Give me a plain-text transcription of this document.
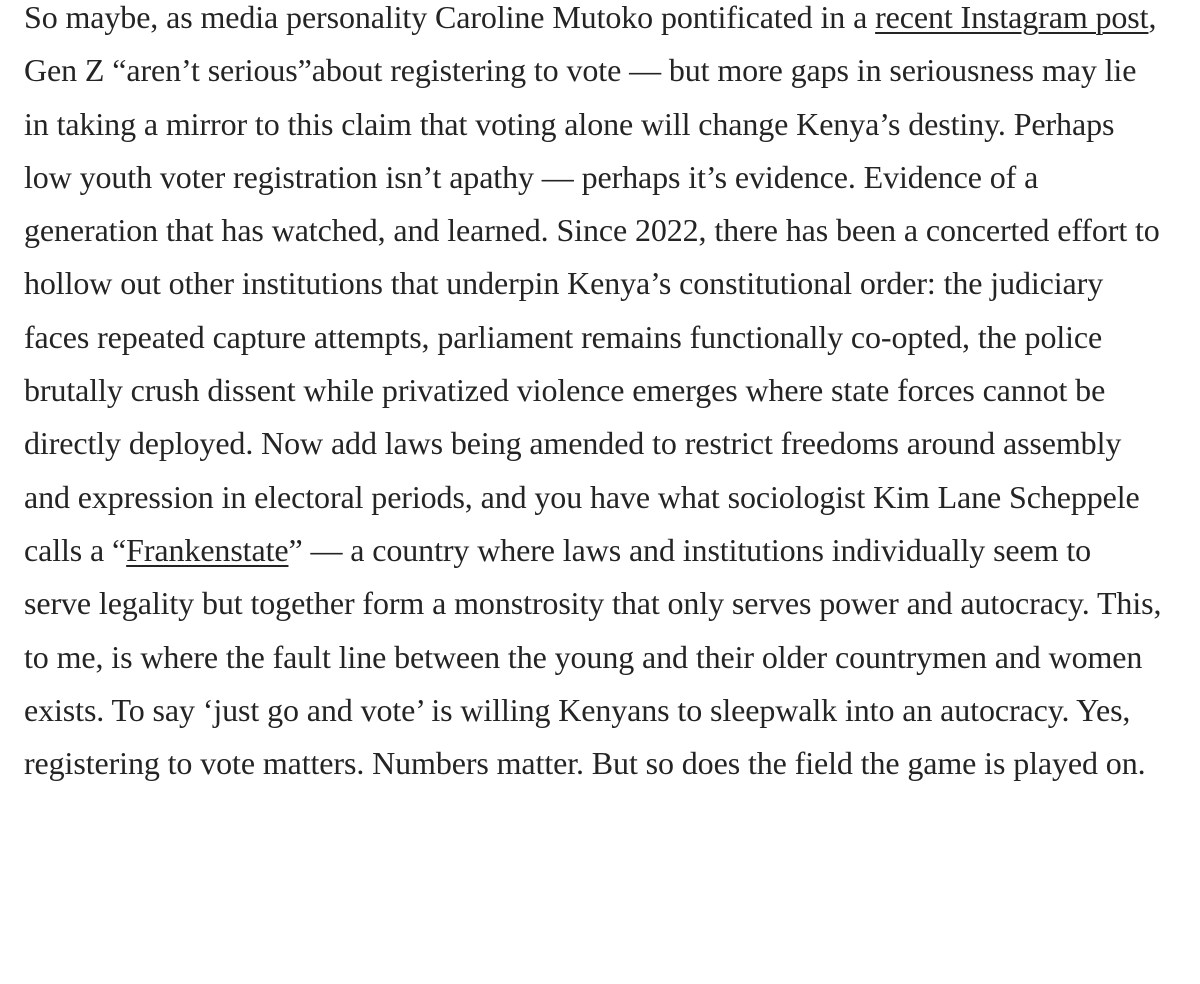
So maybe, as media personality Caroline Mutoko pontificated in a recent Instagram post, Gen Z “aren’t serious”about registering to vote — but more gaps in seriousness may lie in taking a mirror to this claim that voting alone will change Kenya’s destiny. Perhaps low youth voter registration isn’t apathy — perhaps it’s evidence. Evidence of a generation that has watched, and learned. Since 2022, there has been a concerted effort to hollow out other institutions that underpin Kenya’s constitutional order: the judiciary faces repeated capture attempts, parliament remains functionally co-opted, the police brutally crush dissent while privatized violence emerges where state forces cannot be directly deployed. Now add laws being amended to restrict freedoms around assembly and expression in electoral periods, and you have what sociologist Kim Lane Scheppele calls a “Frankenstate” — a country where laws and institutions individually seem to serve legality but together form a monstrosity that only serves power and autocracy. This, to me, is where the fault line between the young and their older countrymen and women exists. To say ‘just go and vote’ is willing Kenyans to sleepwalk into an autocracy. Yes, registering to vote matters. Numbers matter. But so does the field the game is played on.
